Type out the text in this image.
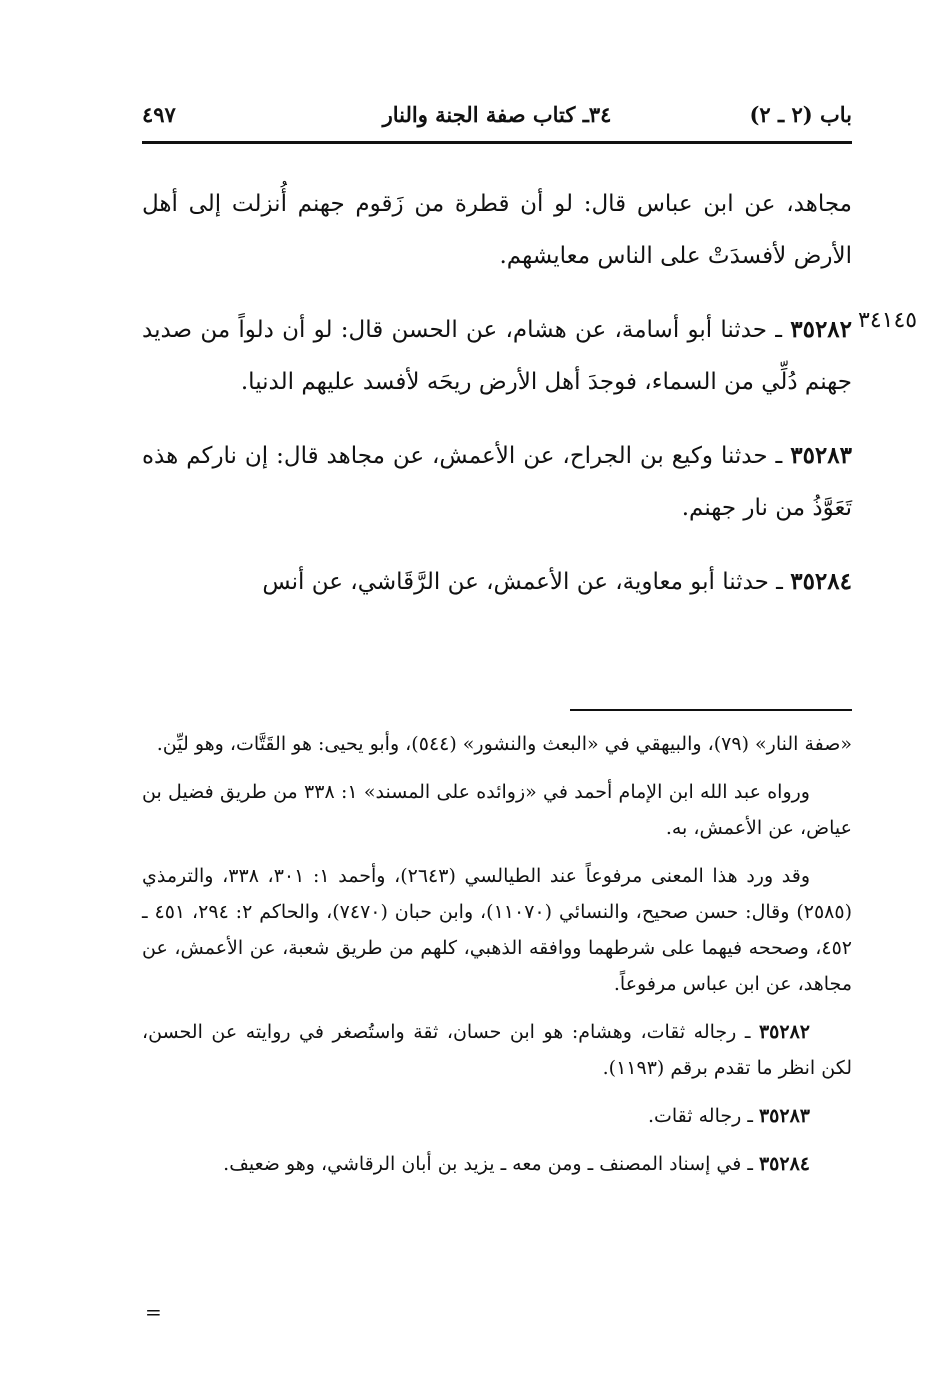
باب (٢ ـ ٢)
٣٤ـ كتاب صفة الجنة والنار
٤٩٧
٣٤١٤٥

مجاهد، عن ابن عباس قال: لو أن قطرة من زَقوم جهنم أُنزلت إلى أهل الأرض لأفسدَتْ على الناس معايشهم.

٣٥٢٨٢ ـ حدثنا أبو أسامة، عن هشام، عن الحسن قال: لو أن دلواً من صديد جهنم دُلِّي من السماء، فوجدَ أهل الأرض ريحَه لأفسد عليهم الدنيا.

٣٥٢٨٣ ـ حدثنا وكيع بن الجراح، عن الأعمش، عن مجاهد قال: إن ناركم هذه تَعَوَّذُ من نار جهنم.

٣٥٢٨٤ ـ حدثنا أبو معاوية، عن الأعمش، عن الرَّقَاشي، عن أنس

«صفة النار» (٧٩)، والبيهقي في «البعث والنشور» (٥٤٤)، وأبو يحيى: هو القَتَّات، وهو ليِّن.

ورواه عبد الله ابن الإمام أحمد في «زوائده على المسند» ١: ٣٣٨ من طريق فضيل بن عياض، عن الأعمش، به.

وقد ورد هذا المعنى مرفوعاً عند الطيالسي (٢٦٤٣)، وأحمد ١: ٣٠١، ٣٣٨، والترمذي (٢٥٨٥) وقال: حسن صحيح، والنسائي (١١٠٧٠)، وابن حبان (٧٤٧٠)، والحاكم ٢: ٢٩٤، ٤٥١ ـ ٤٥٢، وصححه فيهما على شرطهما ووافقه الذهبي، كلهم من طريق شعبة، عن الأعمش، عن مجاهد، عن ابن عباس مرفوعاً.

٣٥٢٨٢ ـ رجاله ثقات، وهشام: هو ابن حسان، ثقة واستُصغر في روايته عن الحسن، لكن انظر ما تقدم برقم (١١٩٣).

٣٥٢٨٣ ـ رجاله ثقات.

٣٥٢٨٤ ـ في إسناد المصنف ـ ومن معه ـ يزيد بن أبان الرقاشي، وهو ضعيف.

=
